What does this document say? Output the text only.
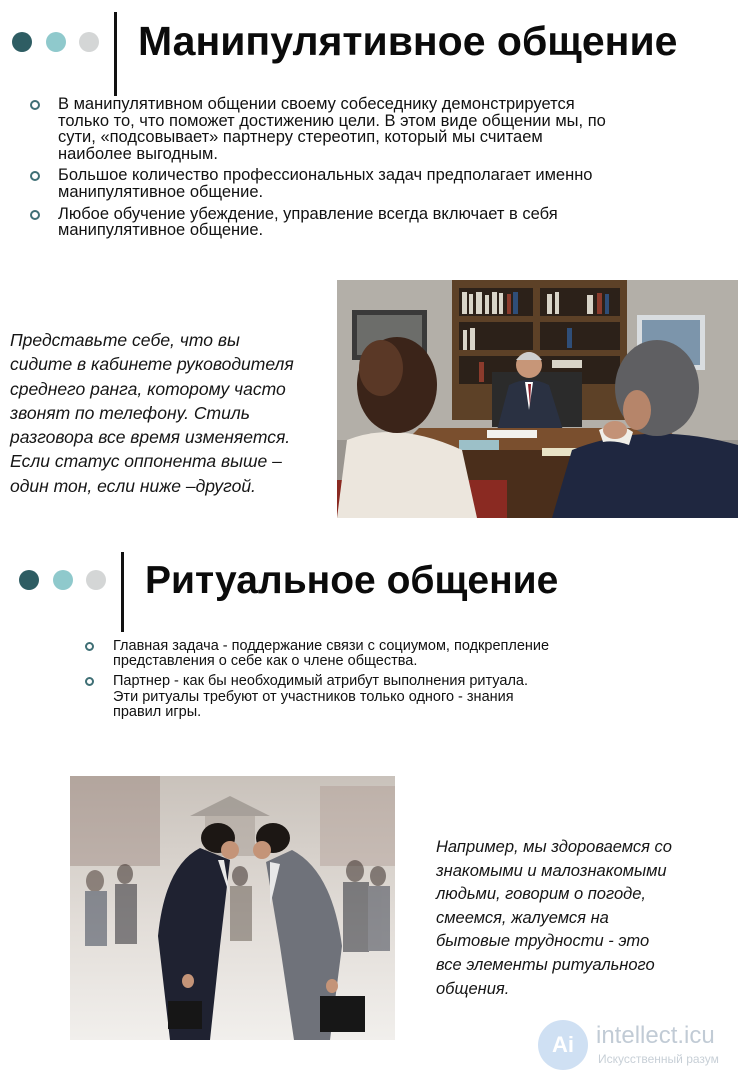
Манипулятивное общение
В манипулятивном общении своему собеседнику демонстрируется
только то, что поможет достижению цели. В этом виде общении мы, по
сути, «подсовывает» партнеру стереотип, который мы считаем
наиболее выгодным.
Большое количество профессиональных задач предполагает именно
манипулятивное общение.
Любое обучение убеждение, управление всегда включает в себя
манипулятивное общение.
Представьте себе, что вы
сидите в кабинете руководителя
среднего ранга, которому часто
звонят по телефону. Стиль
разговора все время изменяется.
Если статус оппонента выше –
один тон, если ниже –другой.
Ритуальное общение
Главная задача - поддержание связи с социумом, подкрепление
представления о себе как о члене общества.
Партнер - как бы необходимый атрибут выполнения ритуала.
Эти ритуалы требуют от участников только одного - знания
правил игры.
Например, мы здороваемся со
знакомыми и малознакомыми
людьми, говорим о погоде,
смеемся, жалуемся на
бытовые трудности - это
все элементы ритуального
общения.
Ai intellect.icu
Искусственный разум
